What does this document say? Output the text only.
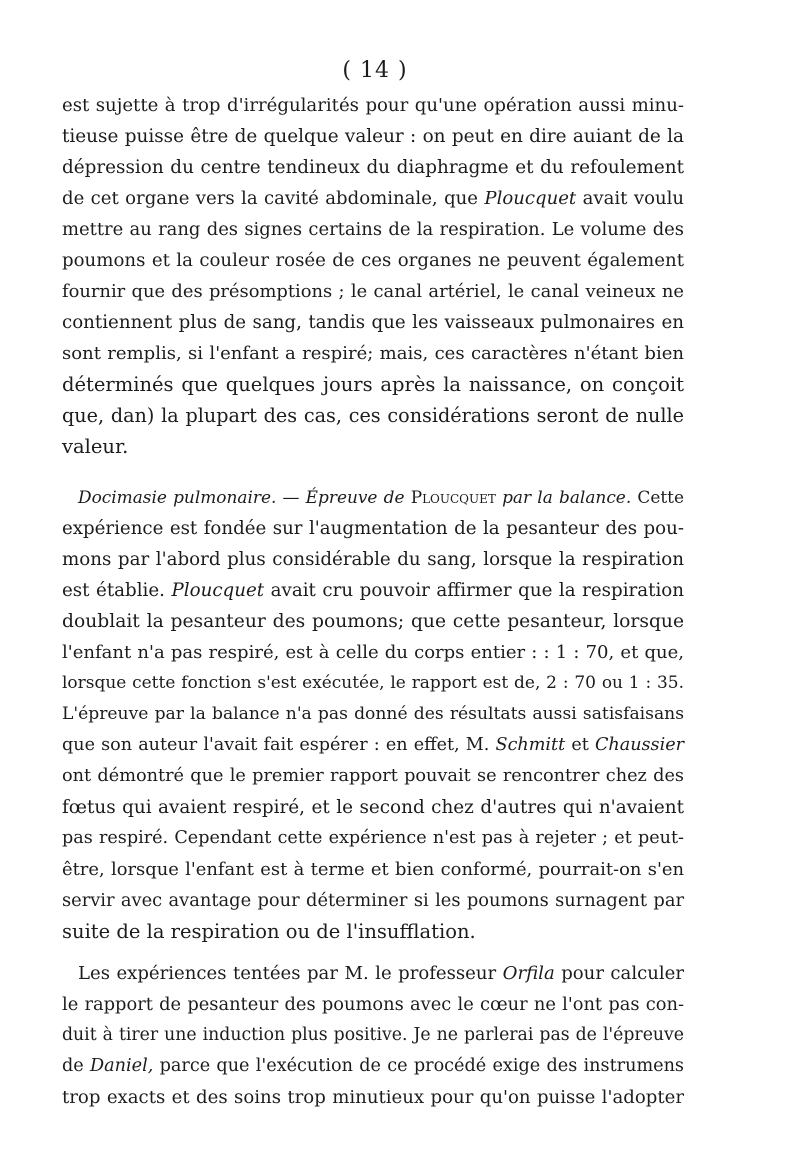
( 14 )
est sujette à trop d'irrégularités pour qu'une opération aussi minu-
tieuse puisse être de quelque valeur : on peut en dire auiant de la
dépression du centre tendineux du diaphragme et du refoulement
de cet organe vers la cavité abdominale, que Ploucquet avait voulu
mettre au rang des signes certains de la respiration. Le volume des
poumons et la couleur rosée de ces organes ne peuvent également
fournir que des présomptions ; le canal artériel, le canal veineux ne
contiennent plus de sang, tandis que les vaisseaux pulmonaires en
sont remplis, si l'enfant a respiré; mais, ces caractères n'étant bien
déterminés que quelques jours après la naissance, on conçoit
que, dan) la plupart des cas, ces considérations seront de nulle
valeur.
Docimasie pulmonaire. — Épreuve de Ploucquet par la balance. Cette
expérience est fondée sur l'augmentation de la pesanteur des pou-
mons par l'abord plus considérable du sang, lorsque la respiration
est établie. Ploucquet avait cru pouvoir affirmer que la respiration
doublait la pesanteur des poumons; que cette pesanteur, lorsque
l'enfant n'a pas respiré, est à celle du corps entier : : 1 : 70, et que,
lorsque cette fonction s'est exécutée, le rapport est de, 2 : 70 ou 1 : 35.
L'épreuve par la balance n'a pas donné des résultats aussi satisfaisans
que son auteur l'avait fait espérer : en effet, M. Schmitt et Chaussier
ont démontré que le premier rapport pouvait se rencontrer chez des
fœtus qui avaient respiré, et le second chez d'autres qui n'avaient
pas respiré. Cependant cette expérience n'est pas à rejeter ; et peut-
être, lorsque l'enfant est à terme et bien conformé, pourrait-on s'en
servir avec avantage pour déterminer si les poumons surnagent par
suite de la respiration ou de l'insufflation.
Les expériences tentées par M. le professeur Orfila pour calculer
le rapport de pesanteur des poumons avec le cœur ne l'ont pas con-
duit à tirer une induction plus positive. Je ne parlerai pas de l'épreuve
de Daniel, parce que l'exécution de ce procédé exige des instrumens
trop exacts et des soins trop minutieux pour qu'on puisse l'adopter
